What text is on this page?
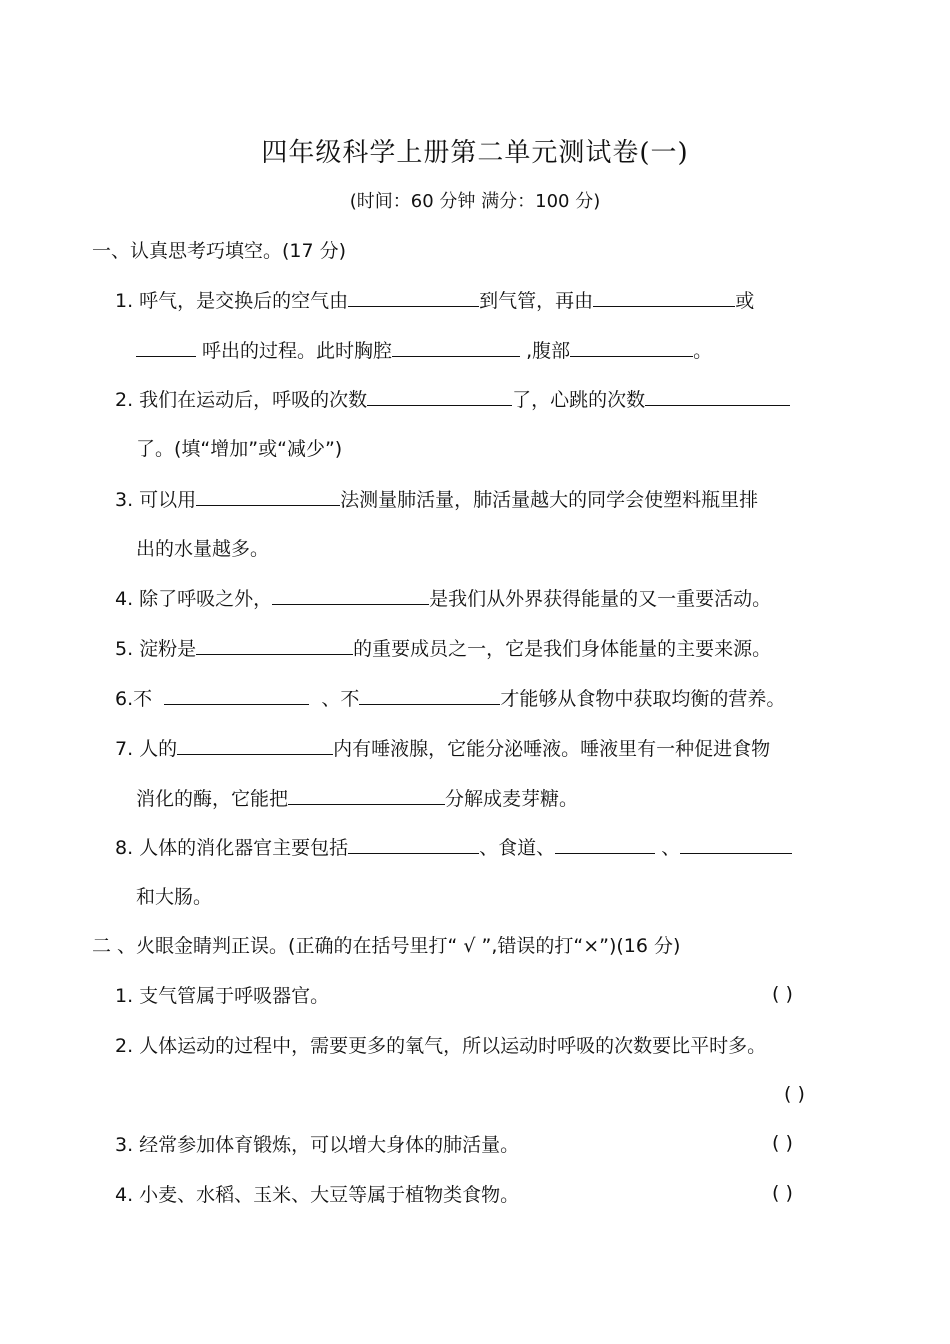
四年级科学上册第二单元测试卷(一)
(时间：60 分钟 满分：100 分)
一、认真思考巧填空。(17 分)
1. 呼气，是交换后的空气由	到气管，再由	或
呼出的过程。此时胸腔	,腹部	。
2. 我们在运动后，呼吸的次数	了，心跳的次数
了。(填“增加”或“减少”)
3. 可以用	法测量肺活量，肺活量越大的同学会使塑料瓶里排
出的水量越多。
4. 除了呼吸之外，	是我们从外界获得能量的又一重要活动。
5. 淀粉是	的重要成员之一，它是我们身体能量的主要来源。
6.不	、不	才能够从食物中获取均衡的营养。
7. 人的	内有唾液腺，它能分泌唾液。唾液里有一种促进食物
消化的酶，它能把	分解成麦芽糖。
8. 人体的消化器官主要包括	、食道、	、
和大肠。
二 、火眼金睛判正误。(正确的在括号里打“ √ ”,错误的打“×”)(16 分)
1. 支气管属于呼吸器官。	( )
2. 人体运动的过程中，需要更多的氧气，所以运动时呼吸的次数要比平时多。
( )
3. 经常参加体育锻炼，可以增大身体的肺活量。	( )
4. 小麦、水稻、玉米、大豆等属于植物类食物。	( )
